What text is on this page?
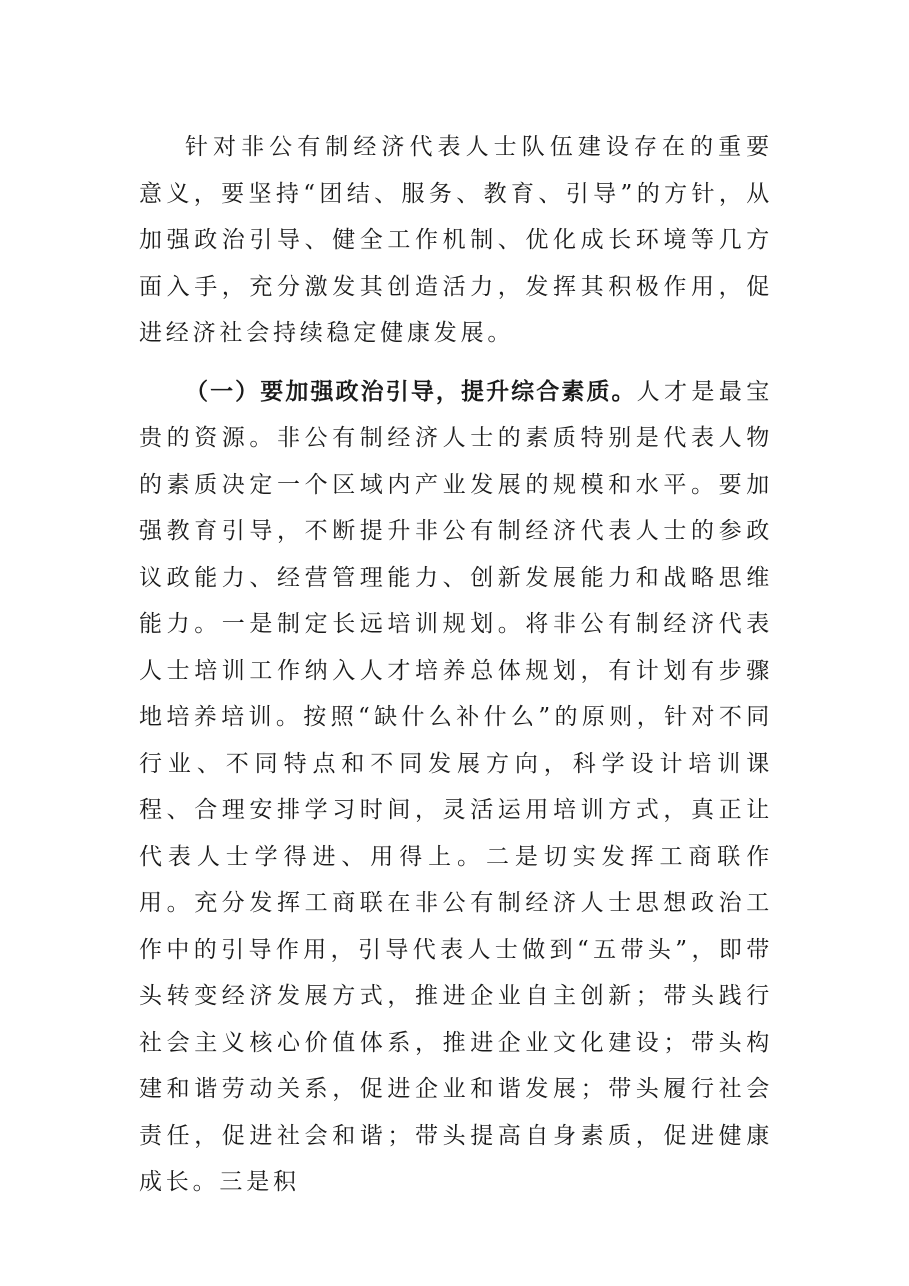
针对非公有制经济代表人士队伍建设存在的重要意义，要坚持“团结、服务、教育、引导”的方针，从加强政治引导、健全工作机制、优化成长环境等几方面入手，充分激发其创造活力，发挥其积极作用，促进经济社会持续稳定健康发展。

（一）要加强政治引导，提升综合素质。人才是最宝贵的资源。非公有制经济人士的素质特别是代表人物的素质决定一个区域内产业发展的规模和水平。要加强教育引导，不断提升非公有制经济代表人士的参政议政能力、经营管理能力、创新发展能力和战略思维能力。一是制定长远培训规划。将非公有制经济代表人士培训工作纳入人才培养总体规划，有计划有步骤地培养培训。按照“缺什么补什么”的原则，针对不同行业、不同特点和不同发展方向，科学设计培训课程、合理安排学习时间，灵活运用培训方式，真正让代表人士学得进、用得上。二是切实发挥工商联作用。充分发挥工商联在非公有制经济人士思想政治工作中的引导作用，引导代表人士做到“五带头”，即带头转变经济发展方式，推进企业自主创新；带头践行社会主义核心价值体系，推进企业文化建设；带头构建和谐劳动关系，促进企业和谐发展；带头履行社会责任，促进社会和谐；带头提高自身素质，促进健康成长。三是积
